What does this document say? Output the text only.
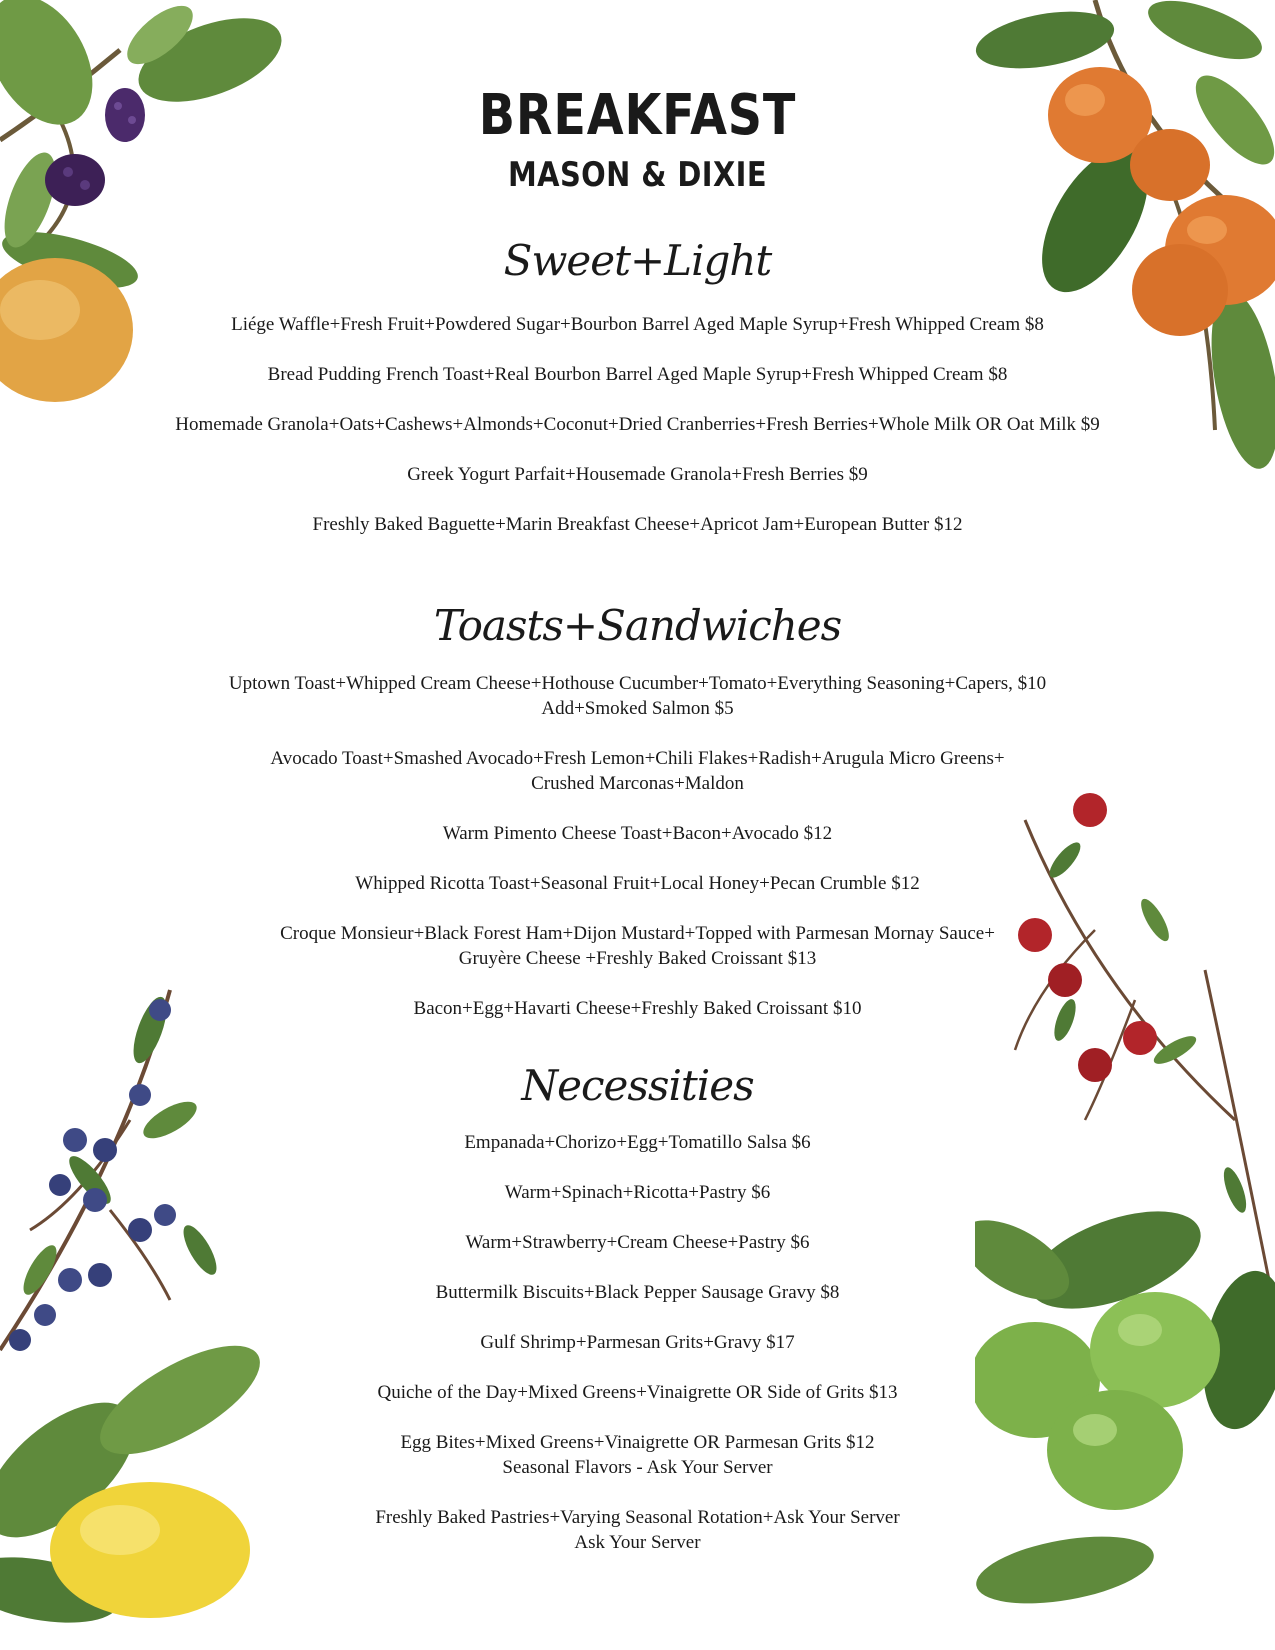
BREAKFAST
MASON & DIXIE
Sweet+Light
Liége Waffle+Fresh Fruit+Powdered Sugar+Bourbon Barrel Aged Maple Syrup+Fresh Whipped Cream $8
Bread Pudding French Toast+Real Bourbon Barrel Aged Maple Syrup+Fresh Whipped Cream $8
Homemade Granola+Oats+Cashews+Almonds+Coconut+Dried Cranberries+Fresh Berries+Whole Milk OR Oat Milk $9
Greek Yogurt Parfait+Housemade Granola+Fresh Berries $9
Freshly Baked Baguette+Marin Breakfast Cheese+Apricot Jam+European Butter $12
Toasts+Sandwiches
Uptown Toast+Whipped Cream Cheese+Hothouse Cucumber+Tomato+Everything Seasoning+Capers, $10
Add+Smoked Salmon $5
Avocado Toast+Smashed Avocado+Fresh Lemon+Chili Flakes+Radish+Arugula Micro Greens+
Crushed Marconas+Maldon
Warm Pimento Cheese Toast+Bacon+Avocado $12
Whipped Ricotta Toast+Seasonal Fruit+Local Honey+Pecan Crumble $12
Croque Monsieur+Black Forest Ham+Dijon Mustard+Topped with Parmesan Mornay Sauce+
Gruyère Cheese +Freshly Baked Croissant $13
Bacon+Egg+Havarti Cheese+Freshly Baked Croissant $10
Necessities
Empanada+Chorizo+Egg+Tomatillo Salsa $6
Warm+Spinach+Ricotta+Pastry $6
Warm+Strawberry+Cream Cheese+Pastry $6
Buttermilk Biscuits+Black Pepper Sausage Gravy $8
Gulf Shrimp+Parmesan Grits+Gravy $17
Quiche of the Day+Mixed Greens+Vinaigrette OR Side of Grits $13
Egg Bites+Mixed Greens+Vinaigrette OR Parmesan Grits $12
Seasonal Flavors - Ask Your Server
Freshly Baked Pastries+Varying Seasonal Rotation+Ask Your Server
Ask Your Server
